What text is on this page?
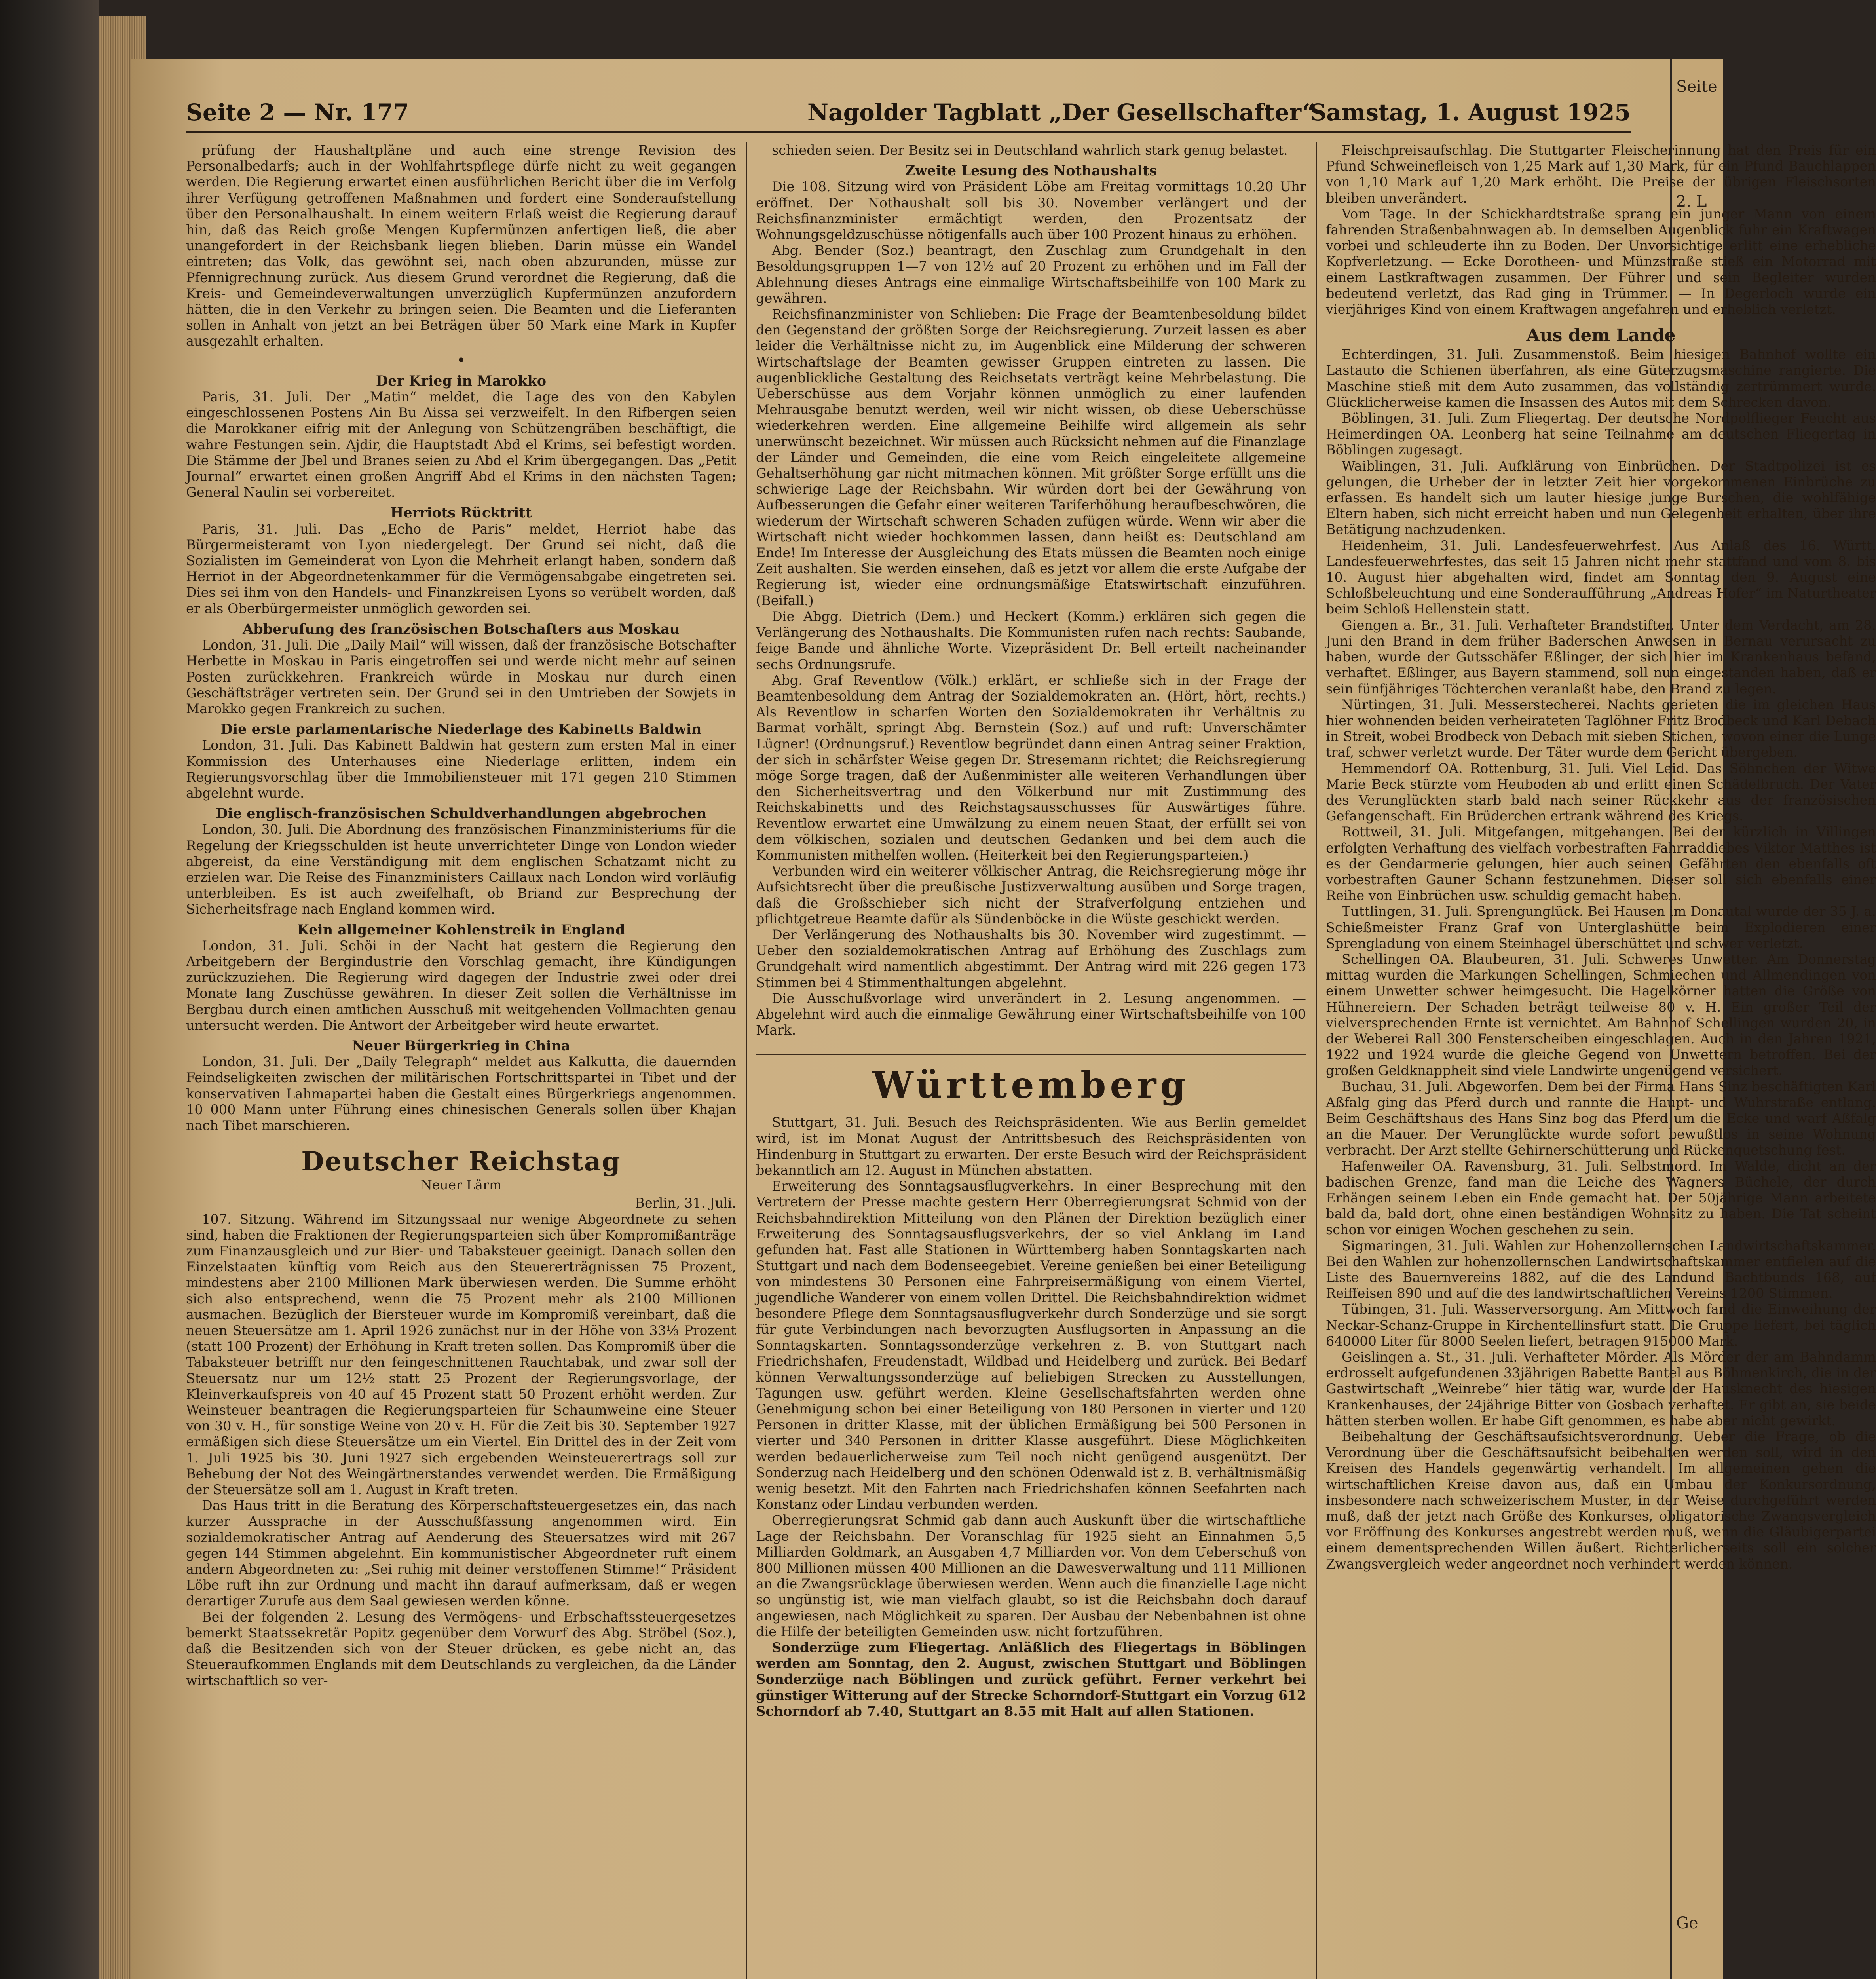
Seite

2. L

Ge

Seite 2 — Nr. 177	Nagolder Tagblatt „Der Gesellschafter“
Samstag, 1. August 1925

prüfung der Haushaltpläne und auch eine strenge Revision des Personalbedarfs; auch in der Wohlfahrtspflege dürfe nicht zu weit gegangen werden. Die Regierung erwartet einen ausführlichen Bericht über die im Verfolg ihrer Verfügung getroffenen Maßnahmen und fordert eine Sonderaufstellung über den Personalhaushalt. In einem weitern Erlaß weist die Regierung darauf hin, daß das Reich große Mengen Kupfermünzen anfertigen ließ, die aber unangefordert in der Reichsbank liegen blieben. Darin müsse ein Wandel eintreten; das Volk, das gewöhnt sei, nach oben abzurunden, müsse zur Pfennigrechnung zurück. Aus diesem Grund verordnet die Regierung, daß die Kreis- und Gemeindeverwaltungen unverzüglich Kupfermünzen anzufordern hätten, die in den Verkehr zu bringen seien. Die Beamten und die Lieferanten sollen in Anhalt von jetzt an bei Beträgen über 50 Mark eine Mark in Kupfer ausgezahlt erhalten.

•

Der Krieg in Marokko

Paris, 31. Juli. Der „Matin“ meldet, die Lage des von den Kabylen eingeschlossenen Postens Ain Bu Aissa sei verzweifelt. In den Rifbergen seien die Marokkaner eifrig mit der Anlegung von Schützengräben beschäftigt, die wahre Festungen sein. Ajdir, die Hauptstadt Abd el Krims, sei befestigt worden. Die Stämme der Jbel und Branes seien zu Abd el Krim übergegangen. Das „Petit Journal“ erwartet einen großen Angriff Abd el Krims in den nächsten Tagen; General Naulin sei vorbereitet.

Herriots Rücktritt

Paris, 31. Juli. Das „Echo de Paris“ meldet, Herriot habe das Bürgermeisteramt von Lyon niedergelegt. Der Grund sei nicht, daß die Sozialisten im Gemeinderat von Lyon die Mehrheit erlangt haben, sondern daß Herriot in der Abgeordnetenkammer für die Vermögensabgabe eingetreten sei. Dies sei ihm von den Handels- und Finanzkreisen Lyons so verübelt worden, daß er als Oberbürgermeister unmöglich geworden sei.

Abberufung des französischen Botschafters aus Moskau

London, 31. Juli. Die „Daily Mail“ will wissen, daß der französische Botschafter Herbette in Moskau in Paris eingetroffen sei und werde nicht mehr auf seinen Posten zurückkehren. Frankreich würde in Moskau nur durch einen Geschäftsträger vertreten sein. Der Grund sei in den Umtrieben der Sowjets in Marokko gegen Frankreich zu suchen.

Die erste parlamentarische Niederlage des Kabinetts Baldwin

London, 31. Juli. Das Kabinett Baldwin hat gestern zum ersten Mal in einer Kommission des Unterhauses eine Niederlage erlitten, indem ein Regierungsvorschlag über die Immobiliensteuer mit 171 gegen 210 Stimmen abgelehnt wurde.

Die englisch-französischen Schuldverhandlungen abgebrochen

London, 30. Juli. Die Abordnung des französischen Finanzministeriums für die Regelung der Kriegsschulden ist heute unverrichteter Dinge von London wieder abgereist, da eine Verständigung mit dem englischen Schatzamt nicht zu erzielen war. Die Reise des Finanzministers Caillaux nach London wird vorläufig unterbleiben. Es ist auch zweifelhaft, ob Briand zur Besprechung der Sicherheitsfrage nach England kommen wird.

Kein allgemeiner Kohlenstreik in England

London, 31. Juli. Schöi in der Nacht hat gestern die Regierung den Arbeitgebern der Bergindustrie den Vorschlag gemacht, ihre Kündigungen zurückzuziehen. Die Regierung wird dagegen der Industrie zwei oder drei Monate lang Zuschüsse gewähren. In dieser Zeit sollen die Verhältnisse im Bergbau durch einen amtlichen Ausschuß mit weitgehenden Vollmachten genau untersucht werden. Die Antwort der Arbeitgeber wird heute erwartet.

Neuer Bürgerkrieg in China

London, 31. Juli. Der „Daily Telegraph“ meldet aus Kalkutta, die dauernden Feindseligkeiten zwischen der militärischen Fortschrittspartei in Tibet und der konservativen Lahmapartei haben die Gestalt eines Bürgerkriegs angenommen. 10 000 Mann unter Führung eines chinesischen Generals sollen über Khajan nach Tibet marschieren.

Deutscher Reichstag

Neuer Lärm

Berlin, 31. Juli.

107. Sitzung. Während im Sitzungssaal nur wenige Abgeordnete zu sehen sind, haben die Fraktionen der Regierungsparteien sich über Kompromißanträge zum Finanzausgleich und zur Bier- und Tabaksteuer geeinigt. Danach sollen den Einzelstaaten künftig vom Reich aus den Steuererträgnissen 75 Prozent, mindestens aber 2100 Millionen Mark überwiesen werden. Die Summe erhöht sich also entsprechend, wenn die 75 Prozent mehr als 2100 Millionen ausmachen. Bezüglich der Biersteuer wurde im Kompromiß vereinbart, daß die neuen Steuersätze am 1. April 1926 zunächst nur in der Höhe von 33⅓ Prozent (statt 100 Prozent) der Erhöhung in Kraft treten sollen. Das Kompromiß über die Tabaksteuer betrifft nur den feingeschnittenen Rauchtabak, und zwar soll der Steuersatz nur um 12½ statt 25 Prozent der Regierungsvorlage, der Kleinverkaufspreis von 40 auf 45 Prozent statt 50 Prozent erhöht werden. Zur Weinsteuer beantragen die Regierungsparteien für Schaumweine eine Steuer von 30 v. H., für sonstige Weine von 20 v. H. Für die Zeit bis 30. September 1927 ermäßigen sich diese Steuersätze um ein Viertel. Ein Drittel des in der Zeit vom 1. Juli 1925 bis 30. Juni 1927 sich ergebenden Weinsteuerertrags soll zur Behebung der Not des Weingärtnerstandes verwendet werden. Die Ermäßigung der Steuersätze soll am 1. August in Kraft treten.

Das Haus tritt in die Beratung des Körperschaftsteuergesetzes ein, das nach kurzer Aussprache in der Ausschußfassung angenommen wird. Ein sozialdemokratischer Antrag auf Aenderung des Steuersatzes wird mit 267 gegen 144 Stimmen abgelehnt. Ein kommunistischer Abgeordneter ruft einem andern Abgeordneten zu: „Sei ruhig mit deiner verstoffenen Stimme!“ Präsident Löbe ruft ihn zur Ordnung und macht ihn darauf aufmerksam, daß er wegen derartiger Zurufe aus dem Saal gewiesen werden könne.

Bei der folgenden 2. Lesung des Vermögens- und Erbschaftssteuergesetzes bemerkt Staatssekretär Popitz gegenüber dem Vorwurf des Abg. Ströbel (Soz.), daß die Besitzenden sich von der Steuer drücken, es gebe nicht an, das Steueraufkommen Englands mit dem Deutschlands zu vergleichen, da die Länder wirtschaftlich so ver-

schieden seien. Der Besitz sei in Deutschland wahrlich stark genug belastet.

Zweite Lesung des Nothaushalts

Die 108. Sitzung wird von Präsident Löbe am Freitag vormittags 10.20 Uhr eröffnet. Der Nothaushalt soll bis 30. November verlängert und der Reichsfinanzminister ermächtigt werden, den Prozentsatz der Wohnungsgeldzuschüsse nötigenfalls auch über 100 Prozent hinaus zu erhöhen.

Abg. Bender (Soz.) beantragt, den Zuschlag zum Grundgehalt in den Besoldungsgruppen 1—7 von 12½ auf 20 Prozent zu erhöhen und im Fall der Ablehnung dieses Antrags eine einmalige Wirtschaftsbeihilfe von 100 Mark zu gewähren.

Reichsfinanzminister von Schlieben: Die Frage der Beamtenbesoldung bildet den Gegenstand der größten Sorge der Reichsregierung. Zurzeit lassen es aber leider die Verhältnisse nicht zu, im Augenblick eine Milderung der schweren Wirtschaftslage der Beamten gewisser Gruppen eintreten zu lassen. Die augenblickliche Gestaltung des Reichsetats verträgt keine Mehrbelastung. Die Ueberschüsse aus dem Vorjahr können unmöglich zu einer laufenden Mehrausgabe benutzt werden, weil wir nicht wissen, ob diese Ueberschüsse wiederkehren werden. Eine allgemeine Beihilfe wird allgemein als sehr unerwünscht bezeichnet. Wir müssen auch Rücksicht nehmen auf die Finanzlage der Länder und Gemeinden, die eine vom Reich eingeleitete allgemeine Gehaltserhöhung gar nicht mitmachen können. Mit größter Sorge erfüllt uns die schwierige Lage der Reichsbahn. Wir würden dort bei der Gewährung von Aufbesserungen die Gefahr einer weiteren Tariferhöhung heraufbeschwören, die wiederum der Wirtschaft schweren Schaden zufügen würde. Wenn wir aber die Wirtschaft nicht wieder hochkommen lassen, dann heißt es: Deutschland am Ende! Im Interesse der Ausgleichung des Etats müssen die Beamten noch einige Zeit aushalten. Sie werden einsehen, daß es jetzt vor allem die erste Aufgabe der Regierung ist, wieder eine ordnungsmäßige Etatswirtschaft einzuführen. (Beifall.)

Die Abgg. Dietrich (Dem.) und Heckert (Komm.) erklären sich gegen die Verlängerung des Nothaushalts. Die Kommunisten rufen nach rechts: Saubande, feige Bande und ähnliche Worte. Vizepräsident Dr. Bell erteilt nacheinander sechs Ordnungsrufe.

Abg. Graf Reventlow (Völk.) erklärt, er schließe sich in der Frage der Beamtenbesoldung dem Antrag der Sozialdemokraten an. (Hört, hört, rechts.) Als Reventlow in scharfen Worten den Sozialdemokraten ihr Verhältnis zu Barmat vorhält, springt Abg. Bernstein (Soz.) auf und ruft: Unverschämter Lügner! (Ordnungsruf.) Reventlow begründet dann einen Antrag seiner Fraktion, der sich in schärfster Weise gegen Dr. Stresemann richtet; die Reichsregierung möge Sorge tragen, daß der Außenminister alle weiteren Verhandlungen über den Sicherheitsvertrag und den Völkerbund nur mit Zustimmung des Reichskabinetts und des Reichstagsausschusses für Auswärtiges führe. Reventlow erwartet eine Umwälzung zu einem neuen Staat, der erfüllt sei von dem völkischen, sozialen und deutschen Gedanken und bei dem auch die Kommunisten mithelfen wollen. (Heiterkeit bei den Regierungsparteien.)

Verbunden wird ein weiterer völkischer Antrag, die Reichsregierung möge ihr Aufsichtsrecht über die preußische Justizverwaltung ausüben und Sorge tragen, daß die Großschieber sich nicht der Strafverfolgung entziehen und pflichtgetreue Beamte dafür als Sündenböcke in die Wüste geschickt werden.

Der Verlängerung des Nothaushalts bis 30. November wird zugestimmt. — Ueber den sozialdemokratischen Antrag auf Erhöhung des Zuschlags zum Grundgehalt wird namentlich abgestimmt. Der Antrag wird mit 226 gegen 173 Stimmen bei 4 Stimmenthaltungen abgelehnt.

Die Ausschußvorlage wird unverändert in 2. Lesung angenommen. — Abgelehnt wird auch die einmalige Gewährung einer Wirtschaftsbeihilfe von 100 Mark.

Württemberg

Stuttgart, 31. Juli. Besuch des Reichspräsidenten. Wie aus Berlin gemeldet wird, ist im Monat August der Antrittsbesuch des Reichspräsidenten von Hindenburg in Stuttgart zu erwarten. Der erste Besuch wird der Reichspräsident bekanntlich am 12. August in München abstatten.

Erweiterung des Sonntagsausflugverkehrs. In einer Besprechung mit den Vertretern der Presse machte gestern Herr Oberregierungsrat Schmid von der Reichsbahndirektion Mitteilung von den Plänen der Direktion bezüglich einer Erweiterung des Sonntagsausflugsverkehrs, der so viel Anklang im Land gefunden hat. Fast alle Stationen in Württemberg haben Sonntagskarten nach Stuttgart und nach dem Bodenseegebiet. Vereine genießen bei einer Beteiligung von mindestens 30 Personen eine Fahrpreisermäßigung von einem Viertel, jugendliche Wanderer von einem vollen Drittel. Die Reichsbahndirektion widmet besondere Pflege dem Sonntagsausflugverkehr durch Sonderzüge und sie sorgt für gute Verbindungen nach bevorzugten Ausflugsorten in Anpassung an die Sonntagskarten. Sonntagssonderzüge verkehren z. B. von Stuttgart nach Friedrichshafen, Freudenstadt, Wildbad und Heidelberg und zurück. Bei Bedarf können Verwaltungssonderzüge auf beliebigen Strecken zu Ausstellungen, Tagungen usw. geführt werden. Kleine Gesellschaftsfahrten werden ohne Genehmigung schon bei einer Beteiligung von 180 Personen in vierter und 120 Personen in dritter Klasse, mit der üblichen Ermäßigung bei 500 Personen in vierter und 340 Personen in dritter Klasse ausgeführt. Diese Möglichkeiten werden bedauerlicherweise zum Teil noch nicht genügend ausgenützt. Der Sonderzug nach Heidelberg und den schönen Odenwald ist z. B. verhältnismäßig wenig besetzt. Mit den Fahrten nach Friedrichshafen können Seefahrten nach Konstanz oder Lindau verbunden werden.

Oberregierungsrat Schmid gab dann auch Auskunft über die wirtschaftliche Lage der Reichsbahn. Der Voranschlag für 1925 sieht an Einnahmen 5,5 Milliarden Goldmark, an Ausgaben 4,7 Milliarden vor. Von dem Ueberschuß von 800 Millionen müssen 400 Millionen an die Dawesverwaltung und 111 Millionen an die Zwangsrücklage überwiesen werden. Wenn auch die finanzielle Lage nicht so ungünstig ist, wie man vielfach glaubt, so ist die Reichsbahn doch darauf angewiesen, nach Möglichkeit zu sparen. Der Ausbau der Nebenbahnen ist ohne die Hilfe der beteiligten Gemeinden usw. nicht fortzuführen.

Sonderzüge zum Fliegertag. Anläßlich des Fliegertags in Böblingen werden am Sonntag, den 2. August, zwischen Stuttgart und Böblingen Sonderzüge nach Böblingen und zurück geführt. Ferner verkehrt bei günstiger Witterung auf der Strecke Schorndorf-Stuttgart ein Vorzug 612 Schorndorf ab 7.40, Stuttgart an 8.55 mit Halt auf allen Stationen.

Fleischpreisaufschlag. Die Stuttgarter Fleischerinnung hat den Preis für ein Pfund Schweinefleisch von 1,25 Mark auf 1,30 Mark, für ein Pfund Bauchlappen von 1,10 Mark auf 1,20 Mark erhöht. Die Preise der übrigen Fleischsorten bleiben unverändert.

Vom Tage. In der Schickhardtstraße sprang ein junger Mann von einem fahrenden Straßenbahnwagen ab. In demselben Augenblick fuhr ein Kraftwagen vorbei und schleuderte ihn zu Boden. Der Unvorsichtige erlitt eine erhebliche Kopfverletzung. — Ecke Dorotheen- und Münzstraße stieß ein Motorrad mit einem Lastkraftwagen zusammen. Der Führer und sein Begleiter wurden bedeutend verletzt, das Rad ging in Trümmer. — In Degerloch wurde ein vierjähriges Kind von einem Kraftwagen angefahren und erheblich verletzt.

Aus dem Lande

Echterdingen, 31. Juli. Zusammenstoß. Beim hiesigen Bahnhof wollte ein Lastauto die Schienen überfahren, als eine Güterzugsmaschine rangierte. Die Maschine stieß mit dem Auto zusammen, das vollständig zertrümmert wurde. Glücklicherweise kamen die Insassen des Autos mit dem Schrecken davon.

Böblingen, 31. Juli. Zum Fliegertag. Der deutsche Nordpolflieger Feucht aus Heimerdingen OA. Leonberg hat seine Teilnahme am deutschen Fliegertag in Böblingen zugesagt.

Waiblingen, 31. Juli. Aufklärung von Einbrüchen. Der Stadtpolizei ist es gelungen, die Urheber der in letzter Zeit hier vorgekommenen Einbrüche zu erfassen. Es handelt sich um lauter hiesige junge Burschen, die wohlfähige Eltern haben, sich nicht erreicht haben und nun Gelegenheit erhalten, über ihre Betätigung nachzudenken.

Heidenheim, 31. Juli. Landesfeuerwehrfest. Aus Anlaß des 16. Württ. Landesfeuerwehrfestes, das seit 15 Jahren nicht mehr stattfand und vom 8. bis 10. August hier abgehalten wird, findet am Sonntag den 9. August eine Schloßbeleuchtung und eine Sonderaufführung „Andreas Hofer“ im Naturtheater beim Schloß Hellenstein statt.

Giengen a. Br., 31. Juli. Verhafteter Brandstifter. Unter dem Verdacht, am 28. Juni den Brand in dem früher Baderschen Anwesen in Bernau verursacht zu haben, wurde der Gutsschäfer Eßlinger, der sich hier im Krankenhaus befand, verhaftet. Eßlinger, aus Bayern stammend, soll nun eingestanden haben, daß er sein fünfjähriges Töchterchen veranlaßt habe, den Brand zu legen.

Nürtingen, 31. Juli. Messerstecherei. Nachts gerieten die im gleichen Haus hier wohnenden beiden verheirateten Taglöhner Fritz Brodbeck und Karl Debach in Streit, wobei Brodbeck von Debach mit sieben Stichen, wovon einer die Lunge traf, schwer verletzt wurde. Der Täter wurde dem Gericht übergeben.

Hemmendorf OA. Rottenburg, 31. Juli. Viel Leid. Das Söhnchen der Witwe Marie Beck stürzte vom Heuboden ab und erlitt einen Schädelbruch. Der Vater des Verunglückten starb bald nach seiner Rückkehr aus der französischen Gefangenschaft. Ein Brüderchen ertrank während des Kriegs.

Rottweil, 31. Juli. Mitgefangen, mitgehangen. Bei der kürzlich in Villingen erfolgten Verhaftung des vielfach vorbestraften Fahrraddiebes Viktor Matthes ist es der Gendarmerie gelungen, hier auch seinen Gefährten den ebenfalls oft vorbestraften Gauner Schann festzunehmen. Dieser soll sich ebenfalls einer Reihe von Einbrüchen usw. schuldig gemacht haben.

Tuttlingen, 31. Juli. Sprengunglück. Bei Hausen im Donautal wurde der 35 J. a. Schießmeister Franz Graf von Unterglashütte beim Explodieren einer Sprengladung von einem Steinhagel überschüttet und schwer verletzt.

Schellingen OA. Blaubeuren, 31. Juli. Schweres Unwetter. Am Donnerstag mittag wurden die Markungen Schellingen, Schmiechen und Allmendingen von einem Unwetter schwer heimgesucht. Die Hagelkörner hatten die Größe von Hühnereiern. Der Schaden beträgt teilweise 80 v. H. Ein großer Teil der vielversprechenden Ernte ist vernichtet. Am Bahnhof Schellingen wurden 20, in der Weberei Rall 300 Fensterscheiben eingeschlagen. Auch in den Jahren 1921, 1922 und 1924 wurde die gleiche Gegend von Unwettern betroffen. Bei der großen Geldknappheit sind viele Landwirte ungenügend versichert.

Buchau, 31. Juli. Abgeworfen. Dem bei der Firma Hans Sinz beschäftigten Karl Aßfalg ging das Pferd durch und rannte die Haupt- und Wuhrstraße entlang. Beim Geschäftshaus des Hans Sinz bog das Pferd um die Ecke und warf Aßfalg an die Mauer. Der Verunglückte wurde sofort bewußtlos in seine Wohnung verbracht. Der Arzt stellte Gehirnerschütterung und Rückenquetschung fest.

Hafenweiler OA. Ravensburg, 31. Juli. Selbstmord. Im Walde, dicht an der badischen Grenze, fand man die Leiche des Wagners Büchele, der durch Erhängen seinem Leben ein Ende gemacht hat. Der 50jährige Mann arbeitete bald da, bald dort, ohne einen beständigen Wohnsitz zu haben. Die Tat scheint schon vor einigen Wochen geschehen zu sein.

Sigmaringen, 31. Juli. Wahlen zur Hohenzollernschen Landwirtschaftskammer. Bei den Wahlen zur hohenzollernschen Landwirtschaftskammer entfielen auf die Liste des Bauernvereins 1882, auf die des Landund Bachtbunds 168, auf Reiffeisen 890 und auf die des landwirtschaftlichen Vereins 1200 Stimmen.

Tübingen, 31. Juli. Wasserversorgung. Am Mittwoch fand die Einweihung der Neckar-Schanz-Gruppe in Kirchentellinsfurt statt. Die Gruppe liefert, bei täglich 640000 Liter für 8000 Seelen liefert, betragen 915000 Mark.

Geislingen a. St., 31. Juli. Verhafteter Mörder. Als Mörder der am Bahndamm erdrosselt aufgefundenen 33jährigen Babette Bantel aus Böhmenkirch, die in der Gastwirtschaft „Weinrebe“ hier tätig war, wurde der Hausknecht des hiesigen Krankenhauses, der 24jährige Bitter von Gosbach verhaftet. Er gibt an, sie beide hätten sterben wollen. Er habe Gift genommen, es habe aber nicht gewirkt.

Beibehaltung der Geschäftsaufsichtsverordnung. Ueber die Frage, ob die Verordnung über die Geschäftsaufsicht beibehalten werden soll, wird in den Kreisen des Handels gegenwärtig verhandelt. Im allgemeinen gehen die wirtschaftlichen Kreise davon aus, daß ein Umbau der Konkursordnung, insbesondere nach schweizerischem Muster, in der Weise durchgeführt werden muß, daß der jetzt nach Größe des Konkurses, obligatorische Zwangsvergleich vor Eröffnung des Konkurses angestrebt werden muß, wenn die Gläubigerpartei einem dementsprechenden Willen äußert. Richterlicherseits soll ein solcher Zwangsvergleich weder angeordnet noch verhindert werden können.
